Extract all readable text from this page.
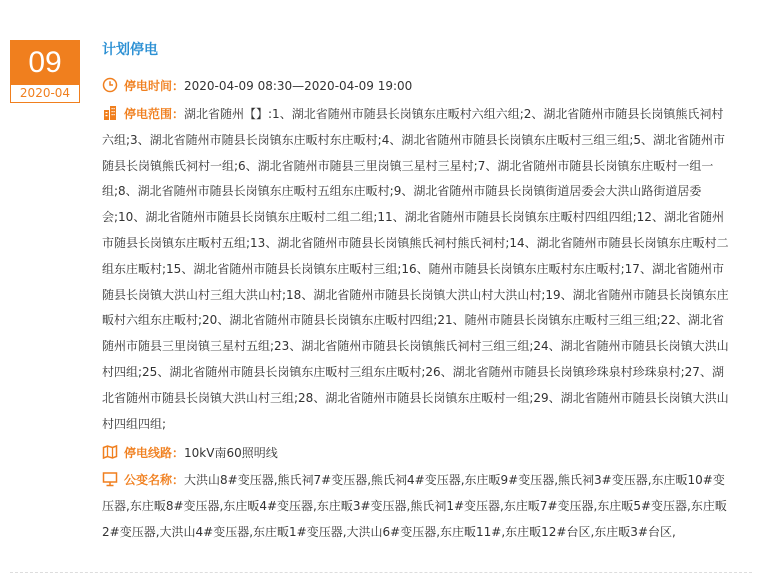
09
2020-04
计划停电
停电时间：2020-04-09 08:30—2020-04-09 19:00
停电范围：湖北省随州【】:1、湖北省随州市随县长岗镇东庄畈村六组六组;2、湖北省随州市随县长岗镇熊氏祠村六组;3、湖北省随州市随县长岗镇东庄畈村东庄畈村;4、湖北省随州市随县长岗镇东庄畈村三组三组;5、湖北省随州市随县长岗镇熊氏祠村一组;6、湖北省随州市随县三里岗镇三星村三星村;7、湖北省随州市随县长岗镇东庄畈村一组一组;8、湖北省随州市随县长岗镇东庄畈村五组东庄畈村;9、湖北省随州市随县长岗镇街道居委会大洪山路街道居委会;10、湖北省随州市随县长岗镇东庄畈村二组二组;11、湖北省随州市随县长岗镇东庄畈村四组四组;12、湖北省随州市随县长岗镇东庄畈村五组;13、湖北省随州市随县长岗镇熊氏祠村熊氏祠村;14、湖北省随州市随县长岗镇东庄畈村二组东庄畈村;15、湖北省随州市随县长岗镇东庄畈村三组;16、随州市随县长岗镇东庄畈村东庄畈村;17、湖北省随州市随县长岗镇大洪山村三组大洪山村;18、湖北省随州市随县长岗镇大洪山村大洪山村;19、湖北省随州市随县长岗镇东庄畈村六组东庄畈村;20、湖北省随州市随县长岗镇东庄畈村四组;21、随州市随县长岗镇东庄畈村三组三组;22、湖北省随州市随县三里岗镇三星村五组;23、湖北省随州市随县长岗镇熊氏祠村三组三组;24、湖北省随州市随县长岗镇大洪山村四组;25、湖北省随州市随县长岗镇东庄畈村三组东庄畈村;26、湖北省随州市随县长岗镇珍珠泉村珍珠泉村;27、湖北省随州市随县长岗镇大洪山村三组;28、湖北省随州市随县长岗镇东庄畈村一组;29、湖北省随州市随县长岗镇大洪山村四组四组;
停电线路：10kV南60照明线
公变名称：大洪山8#变压器,熊氏祠7#变压器,熊氏祠4#变压器,东庄畈9#变压器,熊氏祠3#变压器,东庄畈10#变压器,东庄畈8#变压器,东庄畈4#变压器,东庄畈3#变压器,熊氏祠1#变压器,东庄畈7#变压器,东庄畈5#变压器,东庄畈2#变压器,大洪山4#变压器,东庄畈1#变压器,大洪山6#变压器,东庄畈11#,东庄畈12#台区,东庄畈3#台区,
